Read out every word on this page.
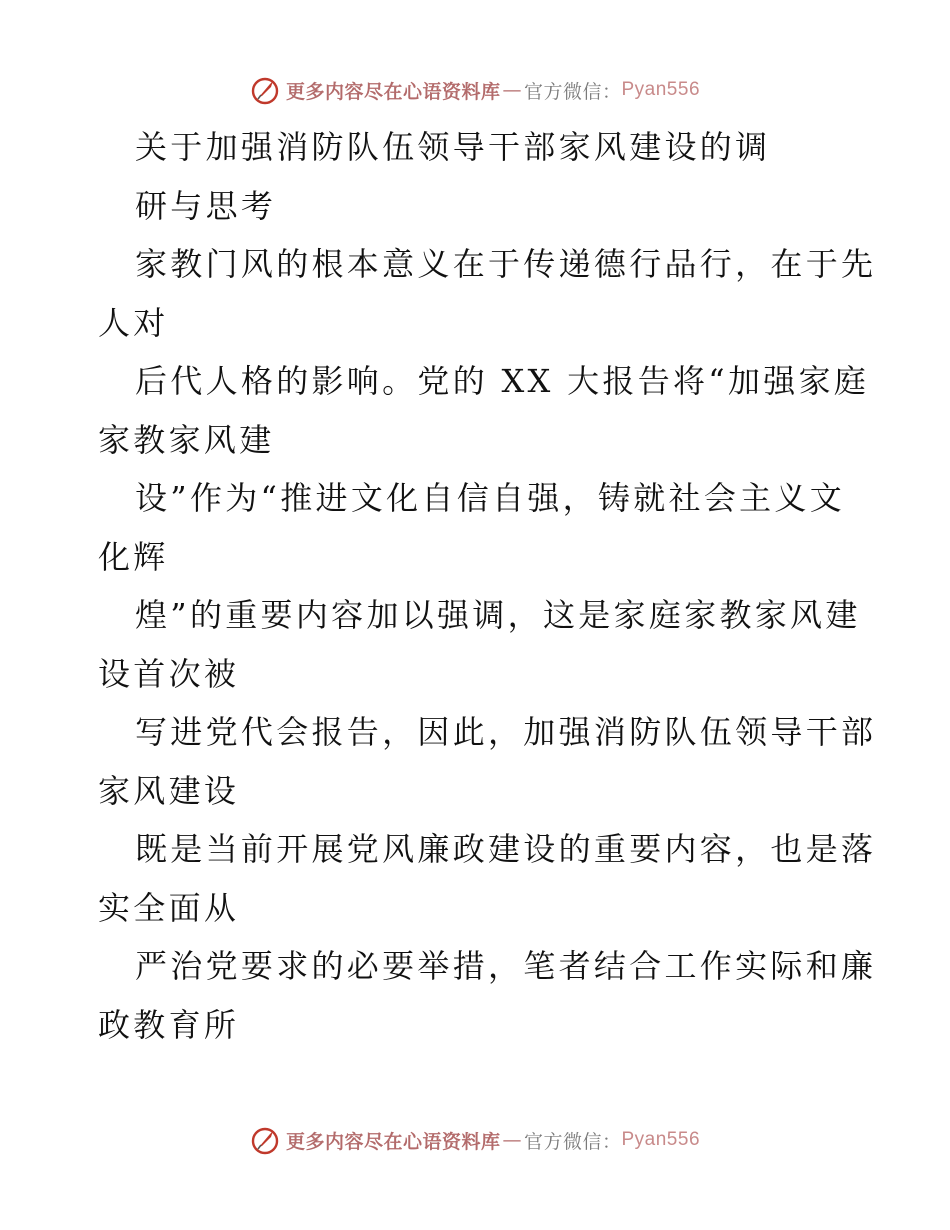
更多内容尽在心语资料库 — 官方微信： Pyan556
关于加强消防队伍领导干部家风建设的调
研与思考
家教门风的根本意义在于传递德行品行，在于先
人对
后代人格的影响。党的 XX 大报告将“加强家庭
家教家风建
设”作为“推进文化自信自强，铸就社会主义文
化辉
煌”的重要内容加以强调，这是家庭家教家风建
设首次被
写进党代会报告，因此，加强消防队伍领导干部
家风建设
既是当前开展党风廉政建设的重要内容，也是落
实全面从
严治党要求的必要举措，笔者结合工作实际和廉
政教育所
更多内容尽在心语资料库 — 官方微信： Pyan556
